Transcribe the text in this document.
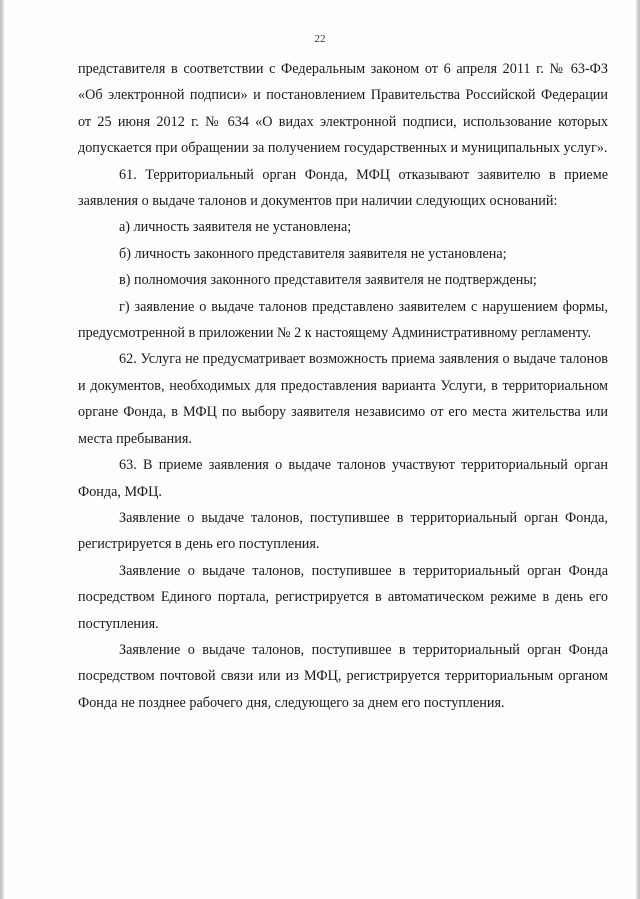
22

представителя в соответствии с Федеральным законом от 6 апреля 2011 г. № 63-ФЗ «Об электронной подписи» и постановлением Правительства Российской Федерации от 25 июня 2012 г. № 634 «О видах электронной подписи, использование которых допускается при обращении за получением государственных и муниципальных услуг».

61. Территориальный орган Фонда, МФЦ отказывают заявителю в приеме заявления о выдаче талонов и документов при наличии следующих оснований:

а) личность заявителя не установлена;

б) личность законного представителя заявителя не установлена;

в) полномочия законного представителя заявителя не подтверждены;

г) заявление о выдаче талонов представлено заявителем с нарушением формы, предусмотренной в приложении № 2 к настоящему Административному регламенту.

62. Услуга не предусматривает возможность приема заявления о выдаче талонов и документов, необходимых для предоставления варианта Услуги, в территориальном органе Фонда, в МФЦ по выбору заявителя независимо от его места жительства или места пребывания.

63. В приеме заявления о выдаче талонов участвуют территориальный орган Фонда, МФЦ.

Заявление о выдаче талонов, поступившее в территориальный орган Фонда, регистрируется в день его поступления.

Заявление о выдаче талонов, поступившее в территориальный орган Фонда посредством Единого портала, регистрируется в автоматическом режиме в день его поступления.

Заявление о выдаче талонов, поступившее в территориальный орган Фонда посредством почтовой связи или из МФЦ, регистрируется территориальным органом Фонда не позднее рабочего дня, следующего за днем его поступления.
